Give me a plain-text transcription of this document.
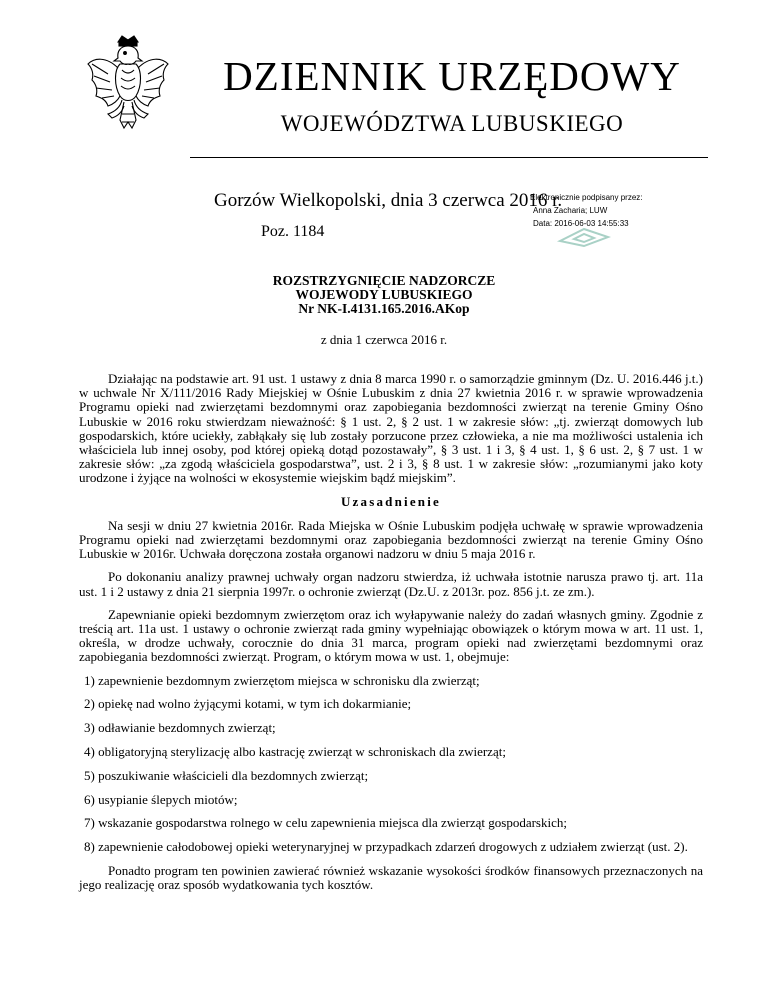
DZIENNIK URZĘDOWY
WOJEWÓDZTWA LUBUSKIEGO
Gorzów Wielkopolski, dnia 3 czerwca 2016 r.
Elektronicznie podpisany przez:
Anna Zacharia; LUW
Data: 2016-06-03 14:55:33
Poz. 1184
ROZSTRZYGNIĘCIE NADZORCZE
WOJEWODY LUBUSKIEGO
Nr NK-I.4131.165.2016.AKop
z dnia 1 czerwca 2016 r.

Działając na podstawie art. 91 ust. 1 ustawy z dnia 8 marca 1990 r. o samorządzie gminnym (Dz. U. 2016.446 j.t.) w uchwale Nr X/111/2016 Rady Miejskiej w Ośnie Lubuskim z dnia 27 kwietnia 2016 r. w sprawie wprowadzenia Programu opieki nad zwierzętami bezdomnymi oraz zapobiegania bezdomności zwierząt na terenie Gminy Ośno Lubuskie w 2016 roku stwierdzam nieważność: § 1 ust. 2, § 2 ust. 1 w zakresie słów: „tj. zwierząt domowych lub gospodarskich, które uciekły, zabłąkały się lub zostały porzucone przez człowieka, a nie ma możliwości ustalenia ich właściciela lub innej osoby, pod której opieką dotąd pozostawały”, § 3 ust. 1 i 3, § 4 ust. 1, § 6 ust. 2, § 7 ust. 1 w zakresie słów: „za zgodą właściciela gospodarstwa”, ust. 2 i 3, § 8 ust. 1 w zakresie słów: „rozumianymi jako koty urodzone i żyjące na wolności w ekosystemie wiejskim bądź miejskim”.

Uzasadnienie

Na sesji w dniu 27 kwietnia 2016r. Rada Miejska w Ośnie Lubuskim podjęła uchwałę w sprawie wprowadzenia Programu opieki nad zwierzętami bezdomnymi oraz zapobiegania bezdomności zwierząt na terenie Gminy Ośno Lubuskie w 2016r. Uchwała doręczona została organowi nadzoru w dniu 5 maja 2016 r.

Po dokonaniu analizy prawnej uchwały organ nadzoru stwierdza, iż uchwała istotnie narusza prawo tj. art. 11a ust. 1 i 2 ustawy z dnia 21 sierpnia 1997r. o ochronie zwierząt (Dz.U. z 2013r. poz. 856 j.t. ze zm.).

Zapewnianie opieki bezdomnym zwierzętom oraz ich wyłapywanie należy do zadań własnych gminy. Zgodnie z treścią art. 11a ust. 1 ustawy o ochronie zwierząt rada gminy wypełniając obowiązek o którym mowa w art. 11 ust. 1, określa, w drodze uchwały, corocznie do dnia 31 marca, program opieki nad zwierzętami bezdomnymi oraz zapobiegania bezdomności zwierząt. Program, o którym mowa w ust. 1, obejmuje:

1) zapewnienie bezdomnym zwierzętom miejsca w schronisku dla zwierząt;
2) opiekę nad wolno żyjącymi kotami, w tym ich dokarmianie;
3) odławianie bezdomnych zwierząt;
4) obligatoryjną sterylizację albo kastrację zwierząt w schroniskach dla zwierząt;
5) poszukiwanie właścicieli dla bezdomnych zwierząt;
6) usypianie ślepych miotów;
7) wskazanie gospodarstwa rolnego w celu zapewnienia miejsca dla zwierząt gospodarskich;
8) zapewnienie całodobowej opieki weterynaryjnej w przypadkach zdarzeń drogowych z udziałem zwierząt (ust. 2).

Ponadto program ten powinien zawierać również wskazanie wysokości środków finansowych przeznaczonych na jego realizację oraz sposób wydatkowania tych kosztów.
